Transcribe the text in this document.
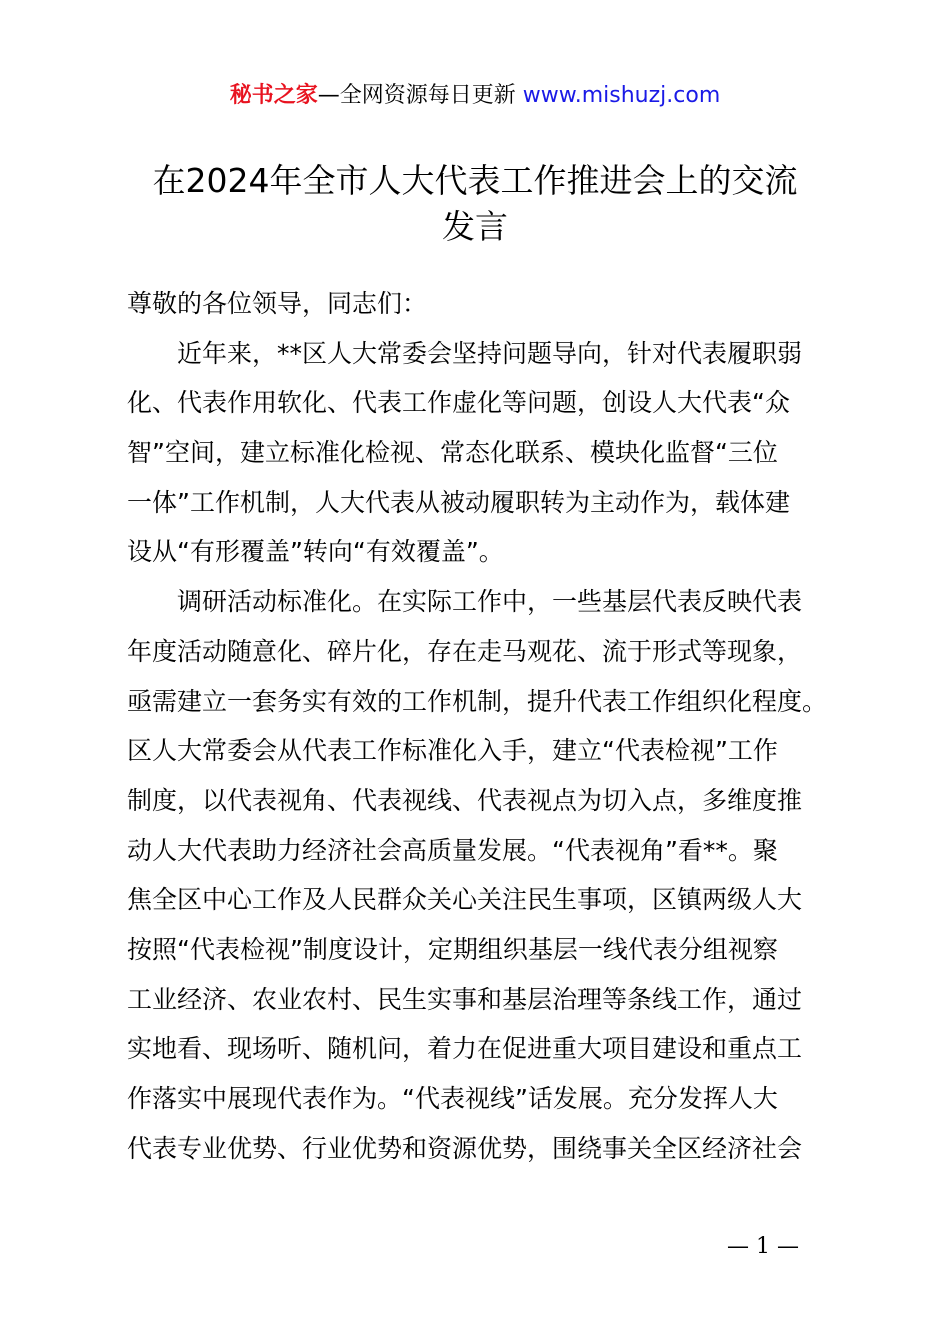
秘书之家—全网资源每日更新 www.mishuzj.com
在2024年全市人大代表工作推进会上的交流
发言
尊敬的各位领导，同志们：
近年来，**区人大常委会坚持问题导向，针对代表履职弱
化、代表作用软化、代表工作虚化等问题，创设人大代表“众
智”空间，建立标准化检视、常态化联系、模块化监督“三位
一体”工作机制，人大代表从被动履职转为主动作为，载体建
设从“有形覆盖”转向“有效覆盖”。
调研活动标准化。在实际工作中，一些基层代表反映代表
年度活动随意化、碎片化，存在走马观花、流于形式等现象，
亟需建立一套务实有效的工作机制，提升代表工作组织化程度。
区人大常委会从代表工作标准化入手，建立“代表检视”工作
制度，以代表视角、代表视线、代表视点为切入点，多维度推
动人大代表助力经济社会高质量发展。“代表视角”看**。聚
焦全区中心工作及人民群众关心关注民生事项，区镇两级人大
按照“代表检视”制度设计，定期组织基层一线代表分组视察
工业经济、农业农村、民生实事和基层治理等条线工作，通过
实地看、现场听、随机问，着力在促进重大项目建设和重点工
作落实中展现代表作为。“代表视线”话发展。充分发挥人大
代表专业优势、行业优势和资源优势，围绕事关全区经济社会
— 1 —
